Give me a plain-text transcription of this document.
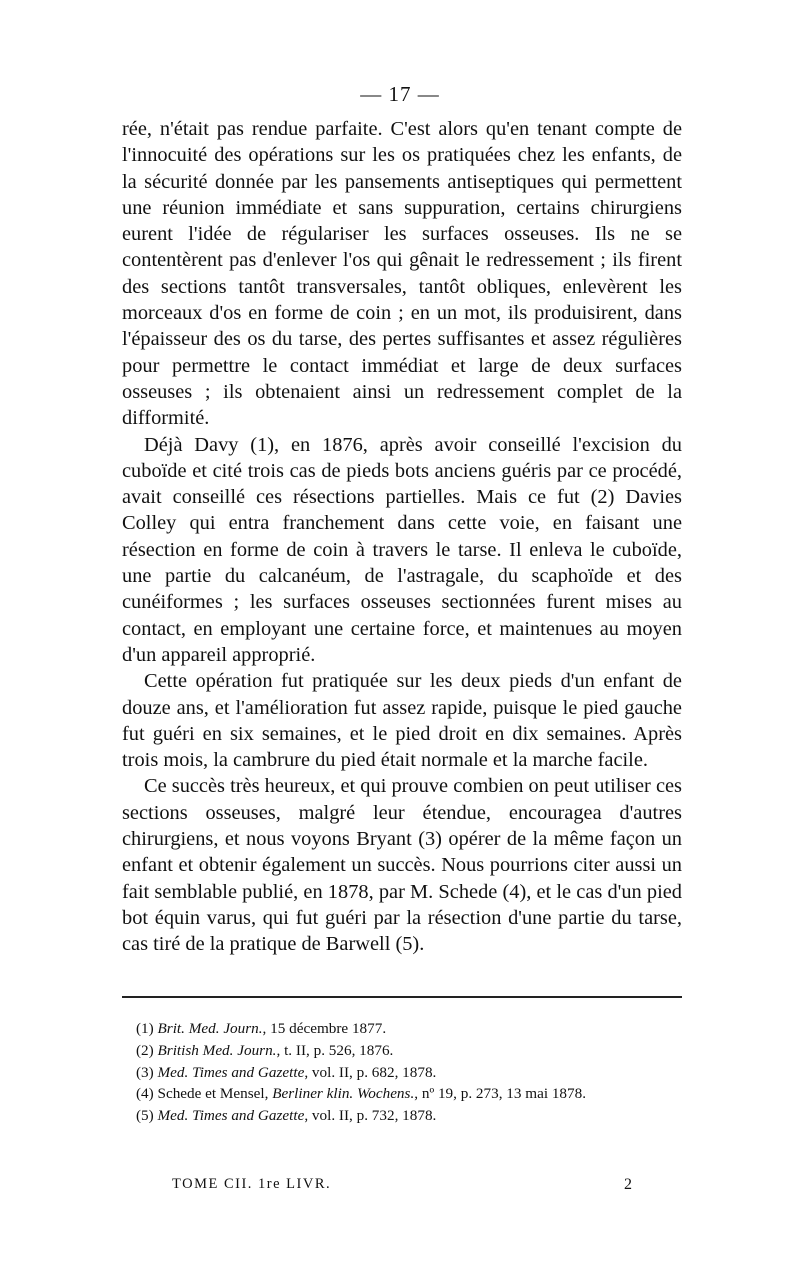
— 17 —

rée, n'était pas rendue parfaite. C'est alors qu'en tenant compte de l'innocuité des opérations sur les os pratiquées chez les enfants, de la sécurité donnée par les pansements antiseptiques qui permettent une réunion immédiate et sans suppuration, certains chirurgiens eurent l'idée de régulariser les surfaces osseuses. Ils ne se contentèrent pas d'enlever l'os qui gênait le redressement ; ils firent des sections tantôt transversales, tantôt obliques, enlevèrent les morceaux d'os en forme de coin ; en un mot, ils produisirent, dans l'épaisseur des os du tarse, des pertes suffisantes et assez régulières pour permettre le contact immédiat et large de deux surfaces osseuses ; ils obtenaient ainsi un redressement complet de la difformité.

Déjà Davy (1), en 1876, après avoir conseillé l'excision du cuboïde et cité trois cas de pieds bots anciens guéris par ce procédé, avait conseillé ces résections partielles. Mais ce fut (2) Davies Colley qui entra franchement dans cette voie, en faisant une résection en forme de coin à travers le tarse. Il enleva le cuboïde, une partie du calcanéum, de l'astragale, du scaphoïde et des cunéiformes ; les surfaces osseuses sectionnées furent mises au contact, en employant une certaine force, et maintenues au moyen d'un appareil approprié.

Cette opération fut pratiquée sur les deux pieds d'un enfant de douze ans, et l'amélioration fut assez rapide, puisque le pied gauche fut guéri en six semaines, et le pied droit en dix semaines. Après trois mois, la cambrure du pied était normale et la marche facile.

Ce succès très heureux, et qui prouve combien on peut utiliser ces sections osseuses, malgré leur étendue, encouragea d'autres chirurgiens, et nous voyons Bryant (3) opérer de la même façon un enfant et obtenir également un succès. Nous pourrions citer aussi un fait semblable publié, en 1878, par M. Schede (4), et le cas d'un pied bot équin varus, qui fut guéri par la résection d'une partie du tarse, cas tiré de la pratique de Barwell (5).

(1) Brit. Med. Journ., 15 décembre 1877.

(2) British Med. Journ., t. II, p. 526, 1876.

(3) Med. Times and Gazette, vol. II, p. 682, 1878.

(4) Schede et Mensel, Berliner klin. Wochens., nº 19, p. 273, 13 mai 1878.

(5) Med. Times and Gazette, vol. II, p. 732, 1878.

TOME CII. 1re LIVR.	2
